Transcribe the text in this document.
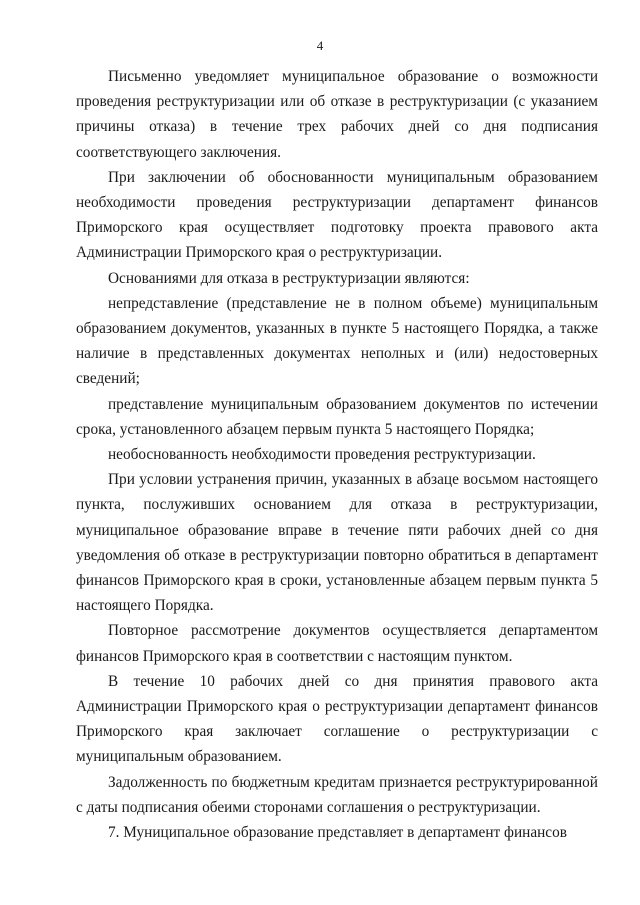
4

Письменно уведомляет муниципальное образование о возможности проведения реструктуризации или об отказе в реструктуризации (с указанием причины отказа) в течение трех рабочих дней со дня подписания соответствующего заключения.

При заключении об обоснованности муниципальным образованием необходимости проведения реструктуризации департамент финансов Приморского края осуществляет подготовку проекта правового акта Администрации Приморского края о реструктуризации.

Основаниями для отказа в реструктуризации являются:

непредставление (представление не в полном объеме) муниципальным образованием документов, указанных в пункте 5 настоящего Порядка, а также наличие в представленных документах неполных и (или) недостоверных сведений;

представление муниципальным образованием документов по истечении срока, установленного абзацем первым пункта 5 настоящего Порядка;

необоснованность необходимости проведения реструктуризации.

При условии устранения причин, указанных в абзаце восьмом настоящего пункта, послуживших основанием для отказа в реструктуризации, муниципальное образование вправе в течение пяти рабочих дней со дня уведомления об отказе в реструктуризации повторно обратиться в департамент финансов Приморского края в сроки, установленные абзацем первым пункта 5 настоящего Порядка.

Повторное рассмотрение документов осуществляется департаментом финансов Приморского края в соответствии с настоящим пунктом.

В течение 10 рабочих дней со дня принятия правового акта Администрации Приморского края о реструктуризации департамент финансов Приморского края заключает соглашение о реструктуризации с муниципальным образованием.

Задолженность по бюджетным кредитам признается реструктурированной с даты подписания обеими сторонами соглашения о реструктуризации.

7. Муниципальное образование представляет в департамент финансов
